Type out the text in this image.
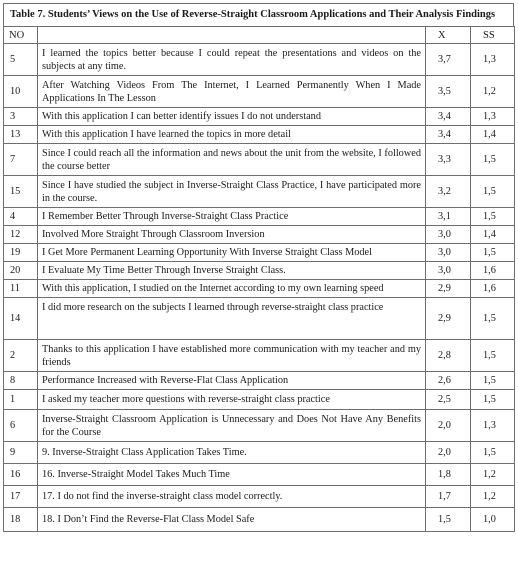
Table 7. Students’ Views on the Use of Reverse-Straight Classroom Applications and Their Analysis Findings
NO		X	SS
5	I learned the topics better because I could repeat the presentations and videos on the subjects at any time.	3,7	1,3
10	After Watching Videos From The Internet, I Learned Permanently When I Made Applications In The Lesson	3,5	1,2
3	With this application I can better identify issues I do not understand	3,4	1,3
13	With this application I have learned the topics in more detail	3,4	1,4
7	Since I could reach all the information and news about the unit from the website, I followed the course better	3,3	1,5
15	Since I have studied the subject in Inverse-Straight Class Practice, I have participated more in the course.	3,2	1,5
4	I Remember Better Through Inverse-Straight Class Practice	3,1	1,5
12	Involved More Straight Through Classroom Inversion	3,0	1,4
19	I Get More Permanent Learning Opportunity With Inverse Straight Class Model	3,0	1,5
20	I Evaluate My Time Better Through Inverse Straight Class.	3,0	1,6
11	With this application, I studied on the Internet according to my own learning speed	2,9	1,6
14	I did more research on the subjects I learned through reverse-straight class practice	2,9	1,5
2	Thanks to this application I have established more communication with my teacher and my friends	2,8	1,5
8	Performance Increased with Reverse-Flat Class Application	2,6	1,5
1	I asked my teacher more questions with reverse-straight class practice	2,5	1,5
6	Inverse-Straight Classroom Application is Unnecessary and Does Not Have Any Benefits for the Course	2,0	1,3
9	9. Inverse-Straight Class Application Takes Time.	2,0	1,5
16	16. Inverse-Straight Model Takes Much Time	1,8	1,2
17	17. I do not find the inverse-straight class model correctly.	1,7	1,2
18	18. I Don’t Find the Reverse-Flat Class Model Safe	1,5	1,0
